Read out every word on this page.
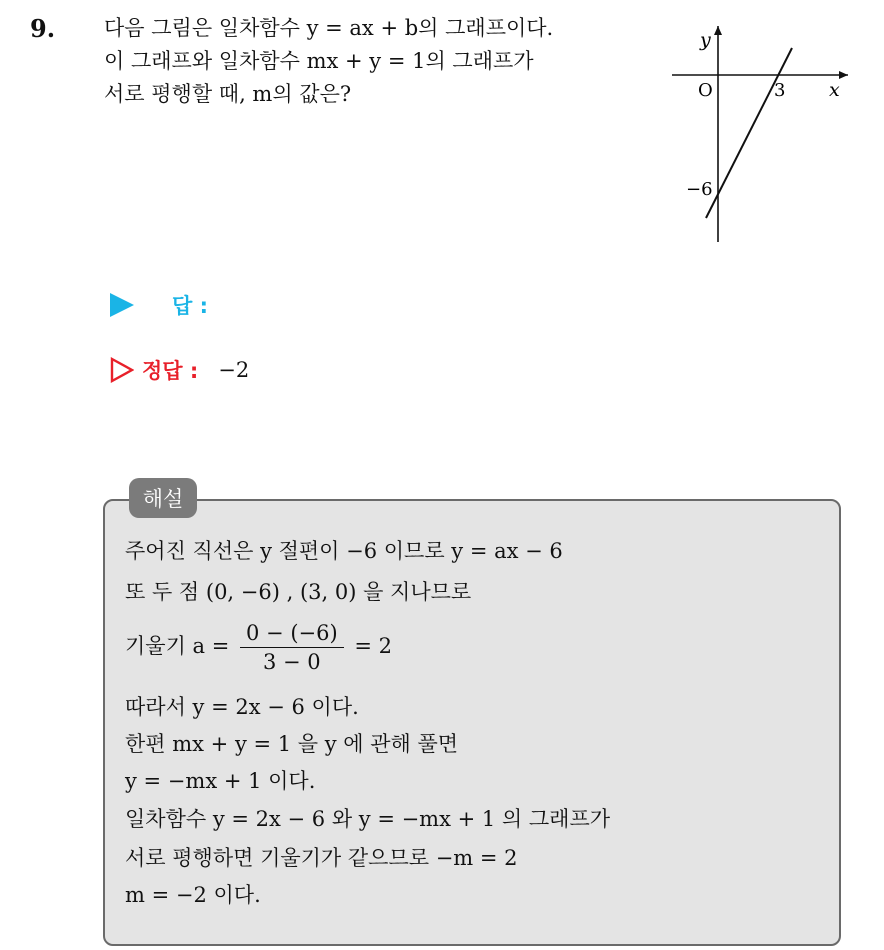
9. 다음 그림은 일차함수 y = ax + b의 그래프이다.
이 그래프와 일차함수 mx + y = 1의 그래프가
서로 평행할 때, m의 값은?
y
x
O	3
−6
답 :
정답 : −2
해설
주어진 직선은 y 절편이 −6 이므로 y = ax − 6
또 두 점 (0, −6) , (3, 0) 을 지나므로
기울기 $a = \frac{0 - (-6)}{3 - 0} = 2$
따라서 y = 2x − 6 이다.
한편 mx + y = 1 을 y 에 관해 풀면
y = −mx + 1 이다.
일차함수 y = 2x − 6 와 y = −mx + 1 의 그래프가
서로 평행하면 기울기가 같으므로 −m = 2
m = −2 이다.
